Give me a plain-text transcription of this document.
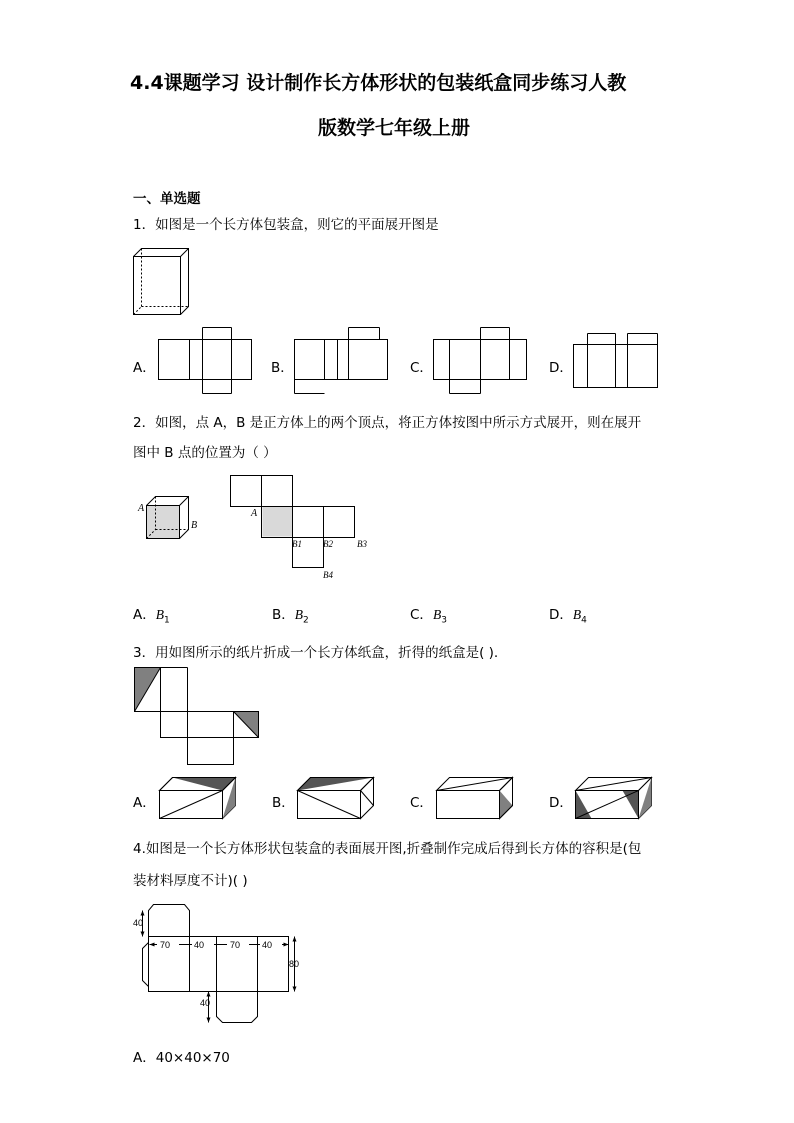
4.4课题学习 设计制作长方体形状的包装纸盒同步练习人教
版数学七年级上册
一、单选题
1．如图是一个长方体包装盒，则它的平面展开图是
A．	B．	C．	D．
2．如图，点 A，B 是正方体上的两个顶点，将正方体按图中所示方式展开，则在展开
图中 B 点的位置为（ ）
A
B
A
B1 B2	B3
B4
A．$B_1$	B．$B_2$	C．$B_3$	D．$B_4$
3．用如图所示的纸片折成一个长方体纸盒，折得的纸盒是( ).
A．	B．	C．	D．
4.如图是一个长方体形状包装盒的表面展开图,折叠制作完成后得到长方体的容积是(包
装材料厚度不计)( )
40
70	40	70 40
80
40
A．40×40×70
